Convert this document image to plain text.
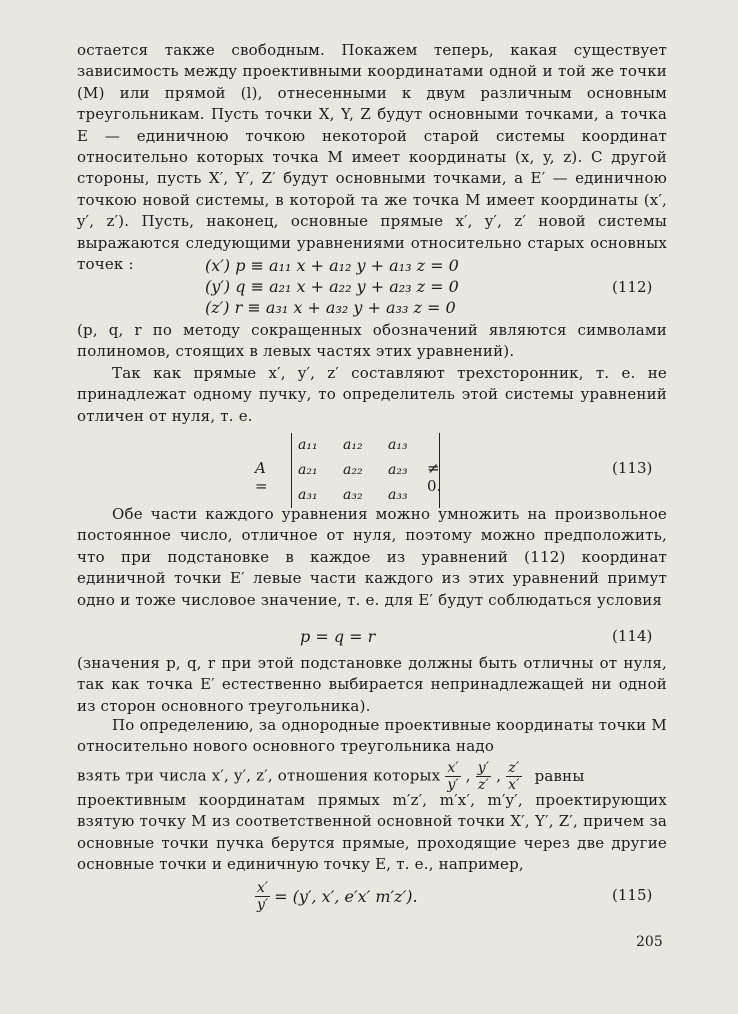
остается также свободным. Покажем теперь, какая существует зависимость между проективными координатами одной и той же точки (M) или прямой (l), отнесенными к двум различным основным треугольникам. Пусть точки X, Y, Z будут основными точками, а точка E — единичною точкою некоторой старой системы координат относительно которых точка M имеет координаты (x, y, z). С другой стороны, пусть X′, Y′, Z′ будут основными точками, а E′ — единичною точкою новой системы, в которой та же точка M имеет координаты (x′, y′, z′). Пусть, наконец, основные прямые x′, y′, z′ новой системы выражаются следующими уравнениями относительно старых основных точек :	(x′) p ≡ a₁₁ x + a₁₂ y + a₁₃ z = 0
(y′) q ≡ a₂₁ x + a₂₂ y + a₂₃ z = 0
(z′) r ≡ a₃₁ x + a₃₂ y + a₃₃ z = 0
(112)
(p, q, r по методу сокращенных обозначений являются символами полиномов, стоящих в левых частях этих уравнений).
Так как прямые x′, y′, z′ составляют трехсторонник, т. е. не принадлежат одному пучку, то определитель этой системы уравнений отличен от нуля, т. е.
A =
a₁₁	a₁₂	a₁₃
a₂₁	a₂₂	a₂₃
a₃₁	a₃₂	a₃₃
≠ 0.
(113)
Обе части каждого уравнения можно умножить на произвольное постоянное число, отличное от нуля, поэтому можно предположить, что при подстановке в каждое из уравнений (112) координат единичной точки E′ левые части каждого из этих уравнений примут одно и тоже числовое значение, т. е. для E′ будут соблюдаться условия
p = q = r	(114)
(значения p, q, r при этой подстановке должны быть отличны от нуля, так как точка E′ естественно выбирается непринадлежащей ни одной из сторон основного треугольника).
По определению, за однородные проективные координаты точки M относительно нового основного треугольника надо
взять три числа x′, y′, z′, отношения которых $\frac{x'}{y'}$ , $\frac{y'}{z'}$ , $\frac{z'}{x'}$ равны
проективным координатам прямых m′z′, m′x′, m′y′, проектирующих взятую точку M из соответственной основной точки X′, Y′, Z′, причем за основные точки пучка берутся прямые, проходящие через две другие основные точки и единичную точку E, т. е., например,
$\frac{x'}{y'} = (y'$, x′, e′x′ m′z′).	(115)
205
